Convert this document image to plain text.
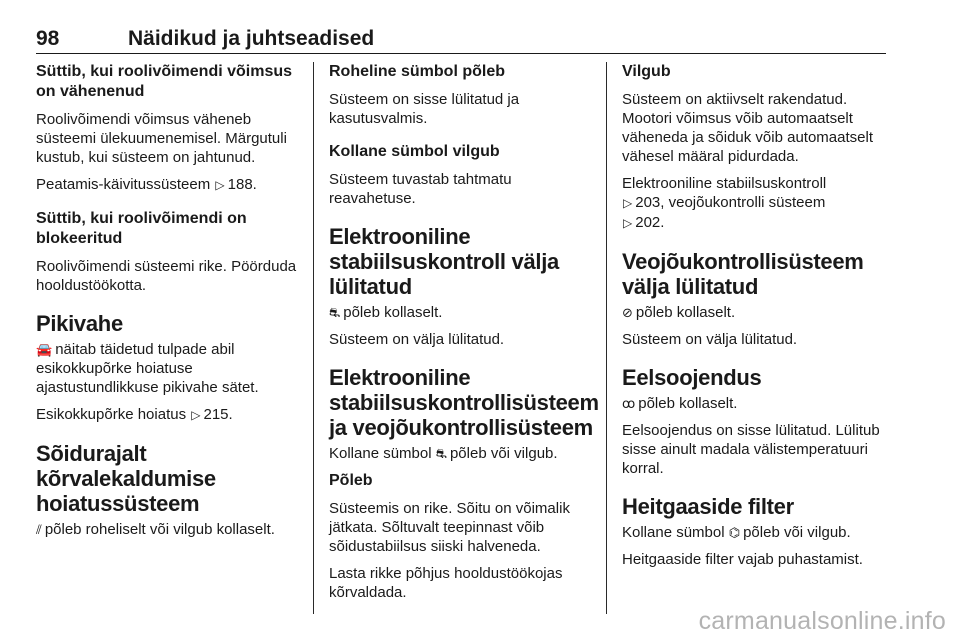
98	Näidikud ja juhtseadised
Süttib, kui roolivõimendi võimsus on vähenenud
Roolivõimendi võimsus väheneb süsteemi ülekuumenemisel. Märgutuli kustub, kui süsteem on jahtunud.
Peatamis-käivitussüsteem ▷ 188.
Süttib, kui roolivõimendi on blokeeritud
Roolivõimendi süsteemi rike. Pöörduda hooldustöökotta.
Pikivahe
🚘 näitab täidetud tulpade abil esikokkupõrke hoiatuse ajastustundlikkuse pikivahe sätet.
Esikokkupõrke hoiatus ▷ 215.
Sõidurajalt kõrvalekaldumise hoiatussüsteem
⫽ põleb roheliselt või vilgub kollaselt.
Roheline sümbol põleb
Süsteem on sisse lülitatud ja kasutusvalmis.
Kollane sümbol vilgub
Süsteem tuvastab tahtmatu reavahetuse.
Elektrooniline stabiilsuskontroll välja lülitatud
⛐ põleb kollaselt.
Süsteem on välja lülitatud.
Elektrooniline stabiilsuskontrollisüsteem ja veojõukontrollisüsteem
Kollane sümbol ⛐ põleb või vilgub.
Põleb
Süsteemis on rike. Sõitu on võimalik jätkata. Sõltuvalt teepinnast võib sõidustabiilsus siiski halveneda.
Lasta rikke põhjus hooldustöökojas kõrvaldada.
Vilgub
Süsteem on aktiivselt rakendatud. Mootori võimsus võib automaatselt väheneda ja sõiduk võib automaatselt vähesel määral pidurdada.
Elektrooniline stabiilsuskontroll
▷ 203, veojõukontrolli süsteem
▷ 202.
Veojõukontrollisüsteem välja lülitatud
⊘ põleb kollaselt.
Süsteem on välja lülitatud.
Eelsoojendus
ꝏ põleb kollaselt.
Eelsoojendus on sisse lülitatud. Lülitub sisse ainult madala välistemperatuuri korral.
Heitgaaside filter
Kollane sümbol ⌬ põleb või vilgub.
Heitgaaside filter vajab puhastamist.
carmanualsonline.info
